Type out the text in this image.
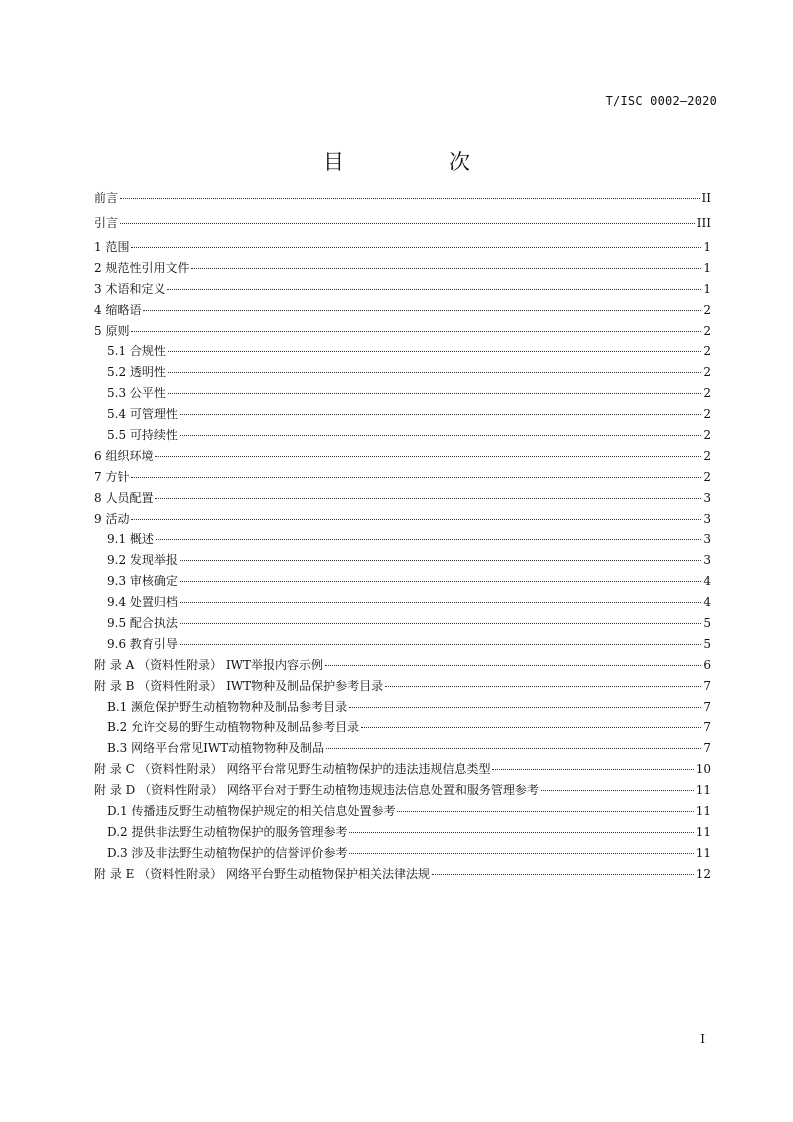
T/ISC 0002—2020
目　次
前言	II
引言	III
1 范围	1
2 规范性引用文件	1
3 术语和定义	1
4 缩略语	2
5 原则	2
5.1 合规性	2
5.2 透明性	2
5.3 公平性	2
5.4 可管理性	2
5.5 可持续性	2
6 组织环境	2
7 方针	2
8 人员配置	3
9 活动	3
9.1 概述	3
9.2 发现举报	3
9.3 审核确定	4
9.4 处置归档	4
9.5 配合执法	5
9.6 教育引导	5
附 录 A （资料性附录） IWT举报内容示例	6
附 录 B （资料性附录） IWT物种及制品保护参考目录	7
B.1 濒危保护野生动植物物种及制品参考目录	7
B.2 允许交易的野生动植物物种及制品参考目录	7
B.3 网络平台常见IWT动植物物种及制品	7
附 录 C （资料性附录） 网络平台常见野生动植物保护的违法违规信息类型	10
附 录 D （资料性附录） 网络平台对于野生动植物违规违法信息处置和服务管理参考	11
D.1 传播违反野生动植物保护规定的相关信息处置参考	11
D.2 提供非法野生动植物保护的服务管理参考	11
D.3 涉及非法野生动植物保护的信誉评价参考	11
附 录 E （资料性附录） 网络平台野生动植物保护相关法律法规	12
I
